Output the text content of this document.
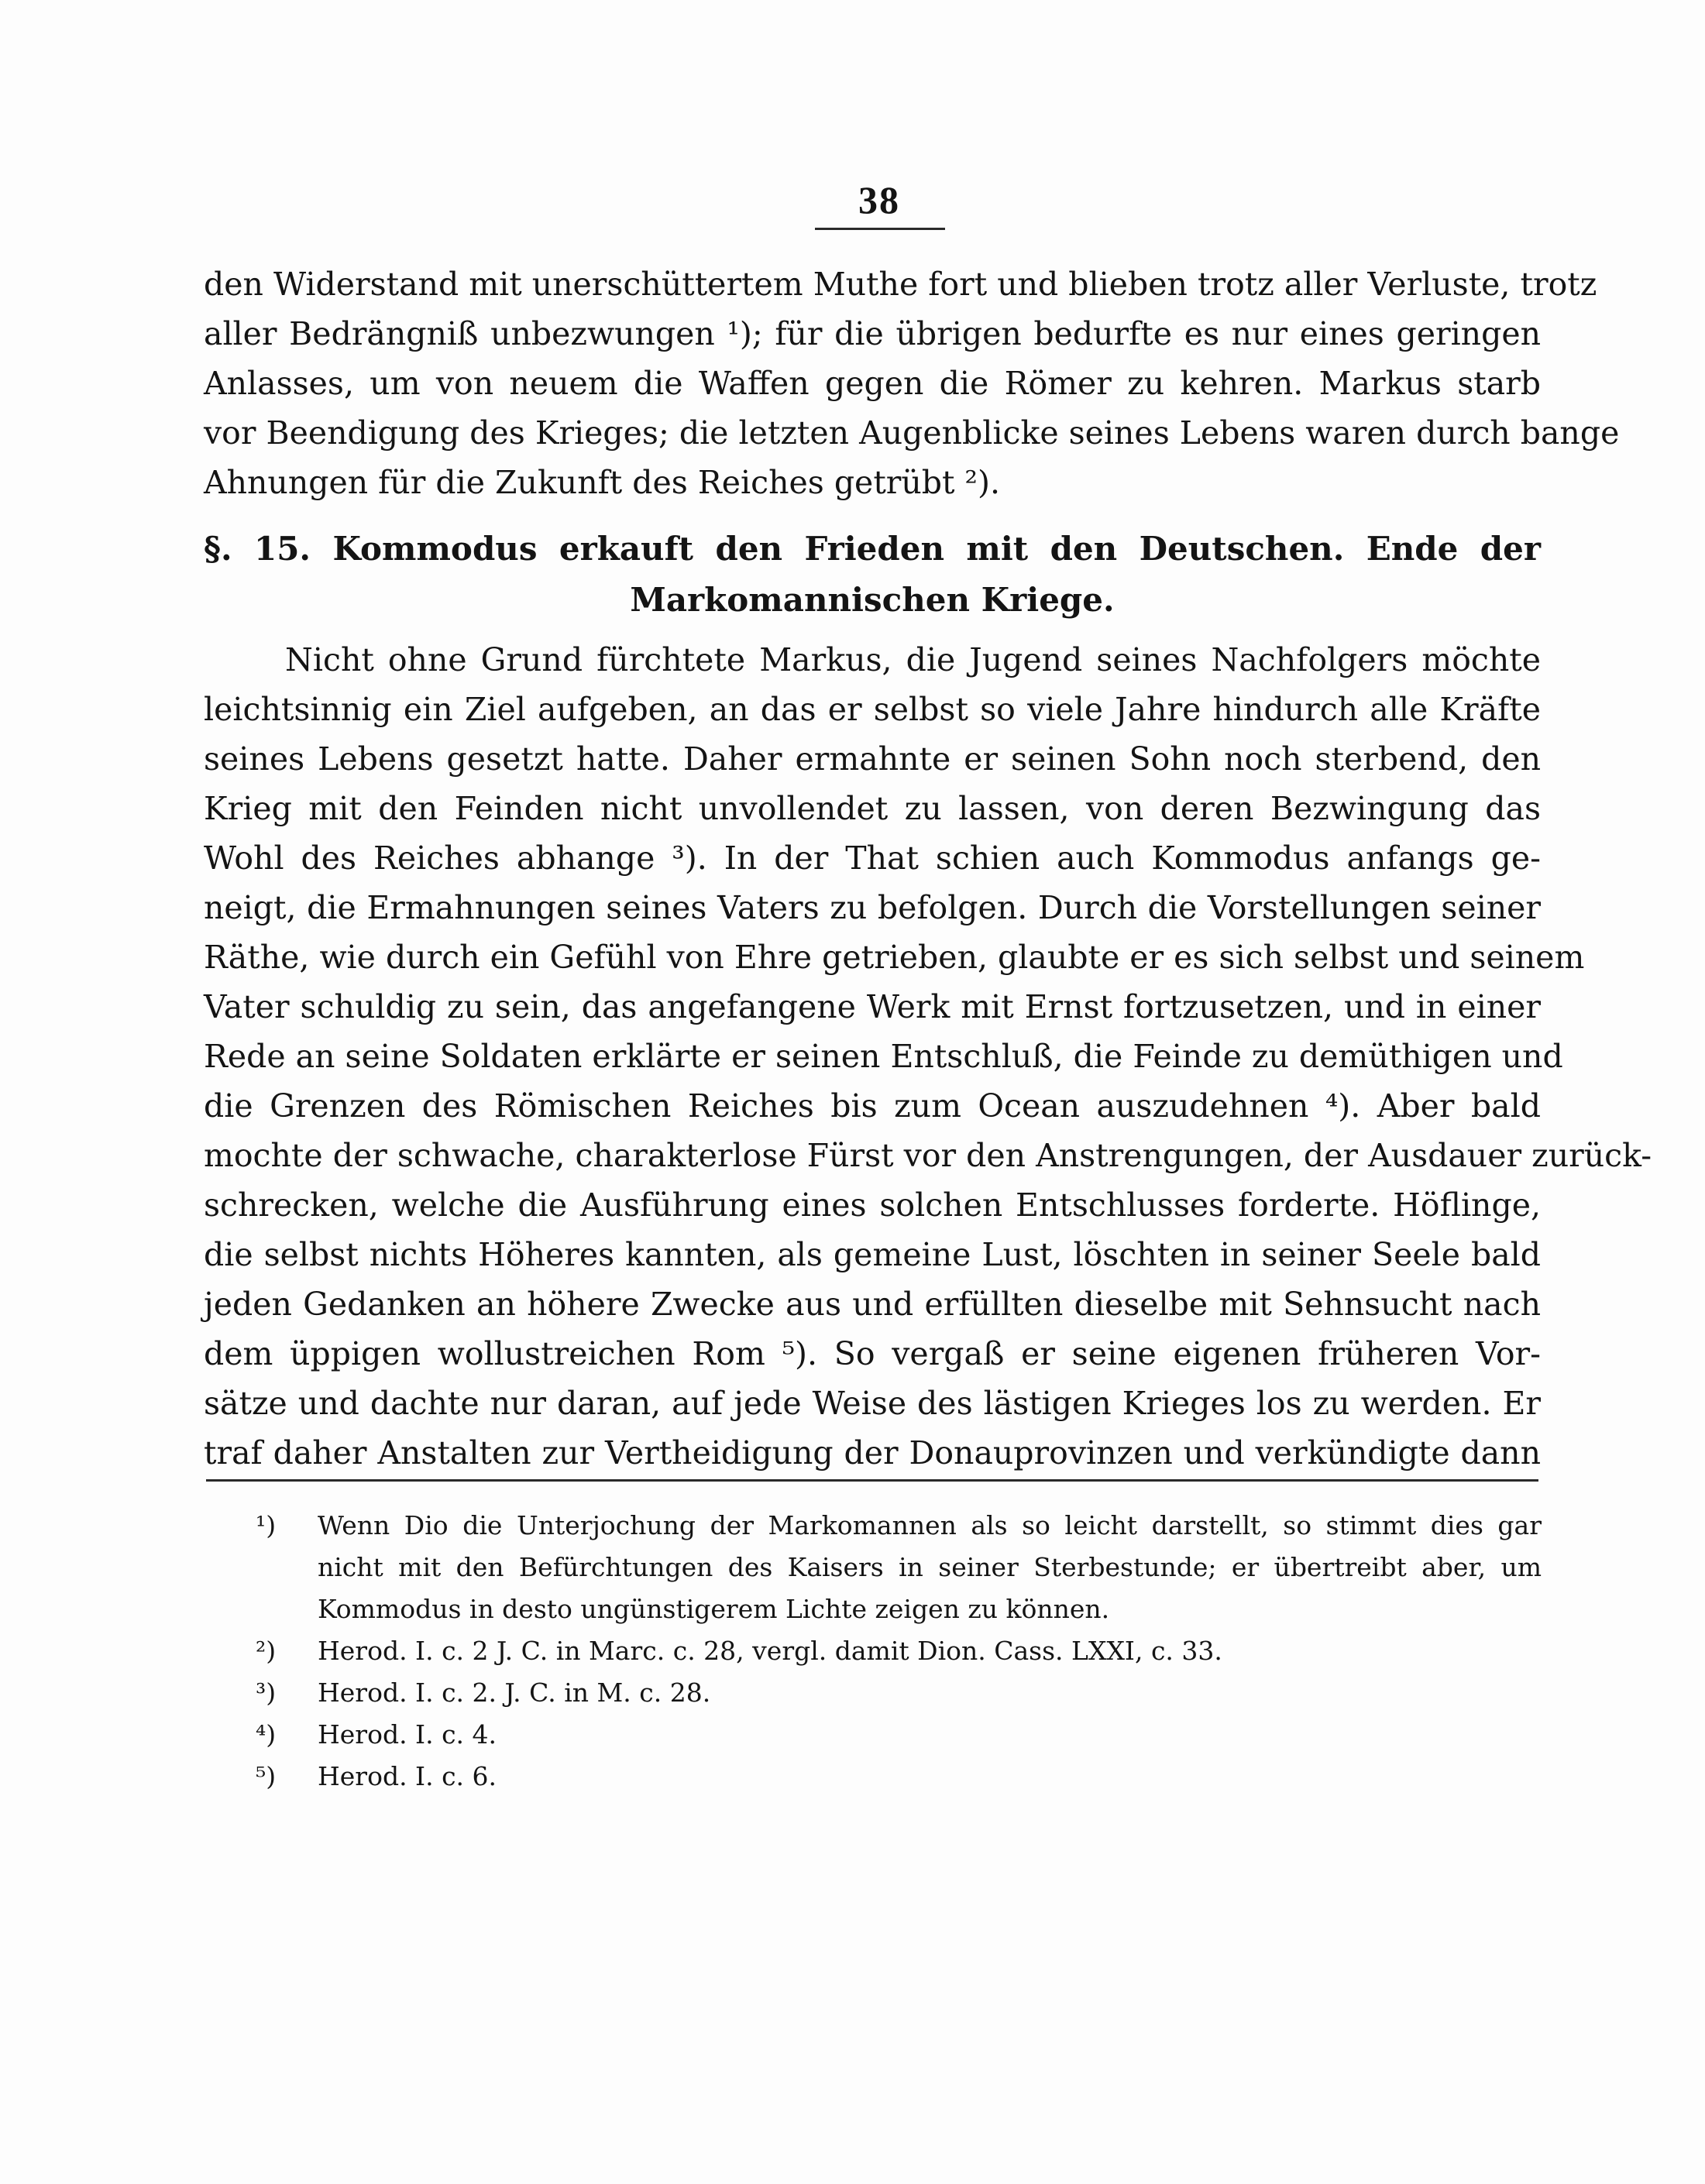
38
den Widerstand mit unerschüttertem Muthe fort und blieben trotz aller Verluste, trotz
aller Bedrängniß unbezwungen ¹); für die übrigen bedurfte es nur eines geringen
Anlasses, um von neuem die Waffen gegen die Römer zu kehren. Markus starb
vor Beendigung des Krieges; die letzten Augenblicke seines Lebens waren durch bange
Ahnungen für die Zukunft des Reiches getrübt ²).
§. 15. Kommodus erkauft den Frieden mit den Deutschen. Ende der
Markomannischen Kriege.
Nicht ohne Grund fürchtete Markus, die Jugend seines Nachfolgers möchte
leichtsinnig ein Ziel aufgeben, an das er selbst so viele Jahre hindurch alle Kräfte
seines Lebens gesetzt hatte. Daher ermahnte er seinen Sohn noch sterbend, den
Krieg mit den Feinden nicht unvollendet zu lassen, von deren Bezwingung das
Wohl des Reiches abhange ³). In der That schien auch Kommodus anfangs ge-
neigt, die Ermahnungen seines Vaters zu befolgen. Durch die Vorstellungen seiner
Räthe, wie durch ein Gefühl von Ehre getrieben, glaubte er es sich selbst und seinem
Vater schuldig zu sein, das angefangene Werk mit Ernst fortzusetzen, und in einer
Rede an seine Soldaten erklärte er seinen Entschluß, die Feinde zu demüthigen und
die Grenzen des Römischen Reiches bis zum Ocean auszudehnen ⁴). Aber bald
mochte der schwache, charakterlose Fürst vor den Anstrengungen, der Ausdauer zurück-
schrecken, welche die Ausführung eines solchen Entschlusses forderte. Höflinge,
die selbst nichts Höheres kannten, als gemeine Lust, löschten in seiner Seele bald
jeden Gedanken an höhere Zwecke aus und erfüllten dieselbe mit Sehnsucht nach
dem üppigen wollustreichen Rom ⁵). So vergaß er seine eigenen früheren Vor-
sätze und dachte nur daran, auf jede Weise des lästigen Krieges los zu werden. Er
traf daher Anstalten zur Vertheidigung der Donauprovinzen und verkündigte dann
¹) Wenn Dio die Unterjochung der Markomannen als so leicht darstellt, so stimmt dies gar
nicht mit den Befürchtungen des Kaisers in seiner Sterbestunde; er übertreibt aber, um
Kommodus in desto ungünstigerem Lichte zeigen zu können.
²) Herod. I. c. 2 J. C. in Marc. c. 28, vergl. damit Dion. Cass. LXXI, c. 33.
³) Herod. I. c. 2. J. C. in M. c. 28.
⁴) Herod. I. c. 4.
⁵) Herod. I. c. 6.
